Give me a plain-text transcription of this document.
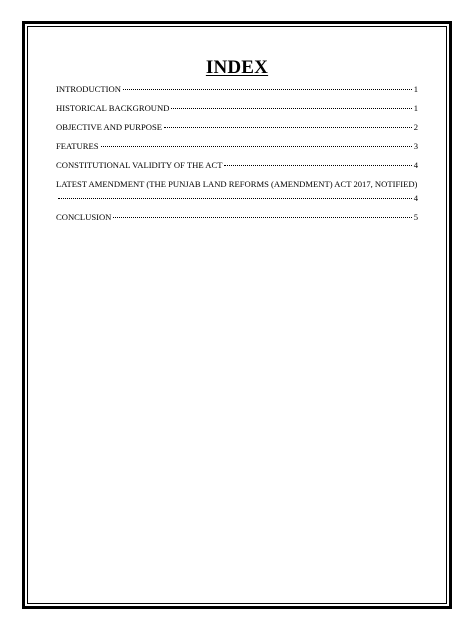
INDEX
INTRODUCTION	1
HISTORICAL BACKGROUND	1
OBJECTIVE AND PURPOSE	2
FEATURES	3
CONSTITUTIONAL VALIDITY OF THE ACT	4
LATEST AMENDMENT (THE PUNJAB LAND REFORMS (AMENDMENT) ACT 2017, NOTIFIED)
4
CONCLUSION	5
